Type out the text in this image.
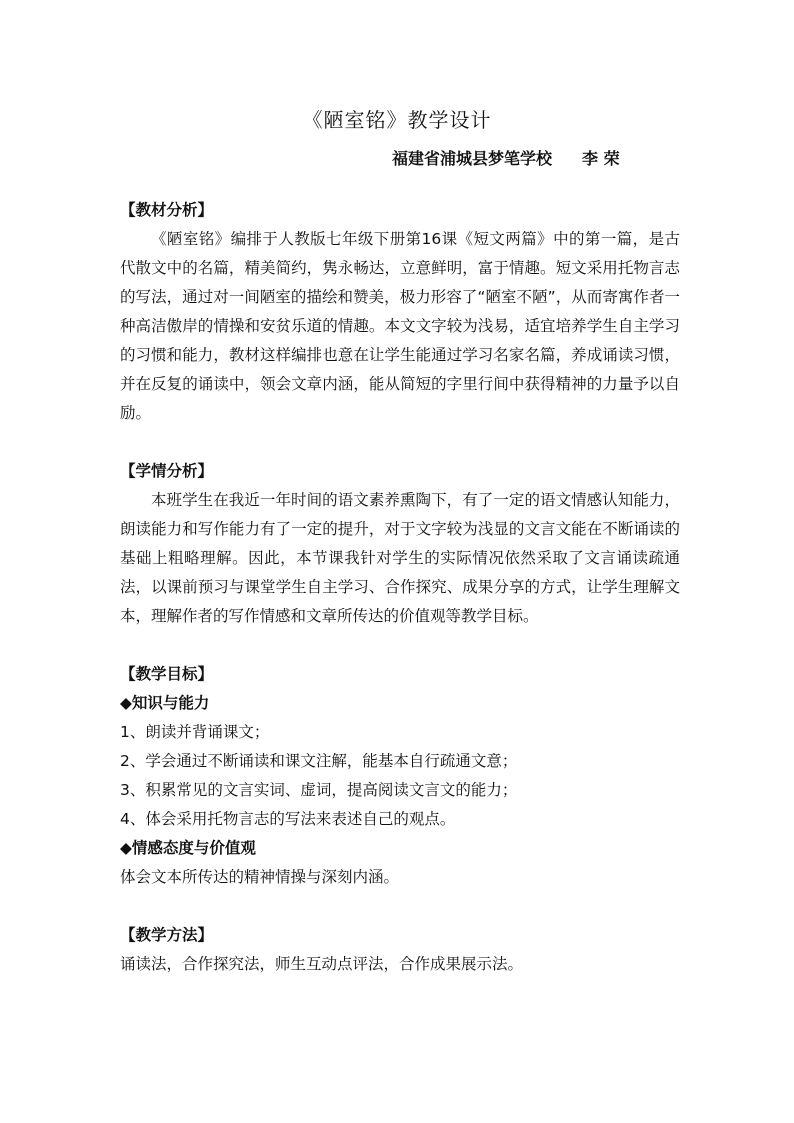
《陋室铭》教学设计
福建省浦城县梦笔学校 李 荣

【教材分析】

《陋室铭》编排于人教版七年级下册第16课《短文两篇》中的第一篇，是古代散文中的名篇，精美简约，隽永畅达，立意鲜明，富于情趣。短文采用托物言志的写法，通过对一间陋室的描绘和赞美，极力形容了“陋室不陋”，从而寄寓作者一种高洁傲岸的情操和安贫乐道的情趣。本文文字较为浅易，适宜培养学生自主学习的习惯和能力，教材这样编排也意在让学生能通过学习名家名篇，养成诵读习惯，并在反复的诵读中，领会文章内涵，能从简短的字里行间中获得精神的力量予以自励。

【学情分析】

本班学生在我近一年时间的语文素养熏陶下，有了一定的语文情感认知能力，朗读能力和写作能力有了一定的提升，对于文字较为浅显的文言文能在不断诵读的基础上粗略理解。因此，本节课我针对学生的实际情况依然采取了文言诵读疏通法，以课前预习与课堂学生自主学习、合作探究、成果分享的方式，让学生理解文本，理解作者的写作情感和文章所传达的价值观等教学目标。

【教学目标】

◆知识与能力

1、朗读并背诵课文；

2、学会通过不断诵读和课文注解，能基本自行疏通文意；

3、积累常见的文言实词、虚词，提高阅读文言文的能力；

4、体会采用托物言志的写法来表述自己的观点。

◆情感态度与价值观

体会文本所传达的精神情操与深刻内涵。

【教学方法】

诵读法，合作探究法，师生互动点评法，合作成果展示法。
